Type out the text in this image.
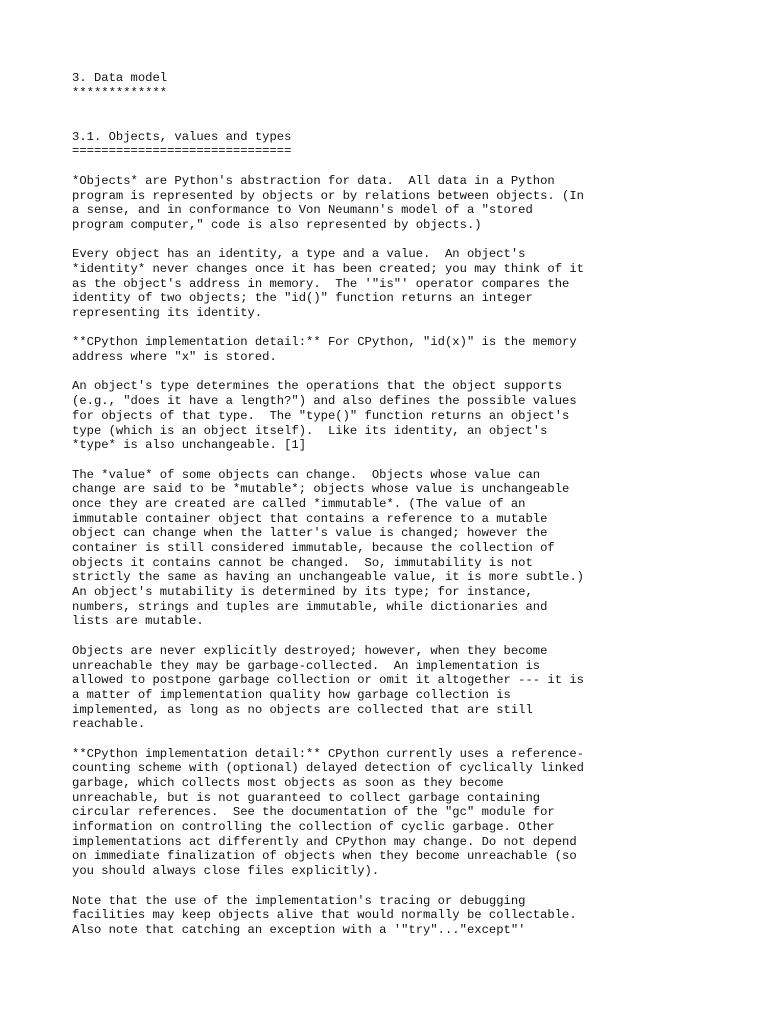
3. Data model
*************
3.1. Objects, values and types
==============================
*Objects* are Python's abstraction for data.  All data in a Python
program is represented by objects or by relations between objects. (In
a sense, and in conformance to Von Neumann's model of a "stored
program computer," code is also represented by objects.)
Every object has an identity, a type and a value.  An object's
*identity* never changes once it has been created; you may think of it
as the object's address in memory.  The '"is"' operator compares the
identity of two objects; the "id()" function returns an integer
representing its identity.
**CPython implementation detail:** For CPython, "id(x)" is the memory
address where "x" is stored.
An object's type determines the operations that the object supports
(e.g., "does it have a length?") and also defines the possible values
for objects of that type.  The "type()" function returns an object's
type (which is an object itself).  Like its identity, an object's
*type* is also unchangeable. [1]
The *value* of some objects can change.  Objects whose value can
change are said to be *mutable*; objects whose value is unchangeable
once they are created are called *immutable*. (The value of an
immutable container object that contains a reference to a mutable
object can change when the latter's value is changed; however the
container is still considered immutable, because the collection of
objects it contains cannot be changed.  So, immutability is not
strictly the same as having an unchangeable value, it is more subtle.)
An object's mutability is determined by its type; for instance,
numbers, strings and tuples are immutable, while dictionaries and
lists are mutable.
Objects are never explicitly destroyed; however, when they become
unreachable they may be garbage-collected.  An implementation is
allowed to postpone garbage collection or omit it altogether --- it is
a matter of implementation quality how garbage collection is
implemented, as long as no objects are collected that are still
reachable.
**CPython implementation detail:** CPython currently uses a reference-
counting scheme with (optional) delayed detection of cyclically linked
garbage, which collects most objects as soon as they become
unreachable, but is not guaranteed to collect garbage containing
circular references.  See the documentation of the "gc" module for
information on controlling the collection of cyclic garbage. Other
implementations act differently and CPython may change. Do not depend
on immediate finalization of objects when they become unreachable (so
you should always close files explicitly).
Note that the use of the implementation's tracing or debugging
facilities may keep objects alive that would normally be collectable.
Also note that catching an exception with a '"try"..."except"'
